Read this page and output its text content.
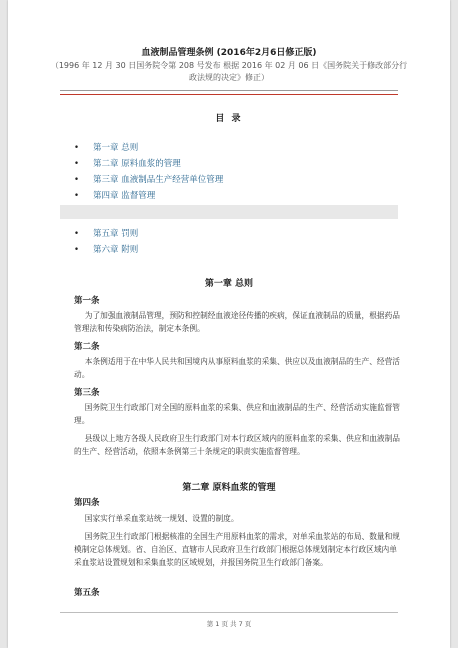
血液制品管理条例 (2016年2月6日修正版)
（1996 年 12 月 30 日国务院令第 208 号发布 根据 2016 年 02 月 06 日《国务院关于修改部分行政法规的决定》修正）
目 录
• 第一章 总则
• 第二章 原料血浆的管理
• 第三章 血液制品生产经营单位管理
• 第四章 监督管理
• 第五章 罚则
• 第六章 附则
第一章 总则
第一条
为了加强血液制品管理，预防和控制经血液途径传播的疾病，保证血液制品的质量，根据药品管理法和传染病防治法，制定本条例。
第二条
本条例适用于在中华人民共和国境内从事原料血浆的采集、供应以及血液制品的生产、经营活动。
第三条
国务院卫生行政部门对全国的原料血浆的采集、供应和血液制品的生产、经营活动实施监督管理。
县级以上地方各级人民政府卫生行政部门对本行政区域内的原料血浆的采集、供应和血液制品的生产、经营活动，依照本条例第三十条规定的职责实施监督管理。
第二章 原料血浆的管理
第四条
国家实行单采血浆站统一规划、设置的制度。
国务院卫生行政部门根据核准的全国生产用原料血浆的需求，对单采血浆站的布局、数量和规模制定总体规划。省、自治区、直辖市人民政府卫生行政部门根据总体规划制定本行政区域内单采血浆站设置规划和采集血浆的区域规划，并报国务院卫生行政部门备案。
第五条
第 1 页 共 7 页
